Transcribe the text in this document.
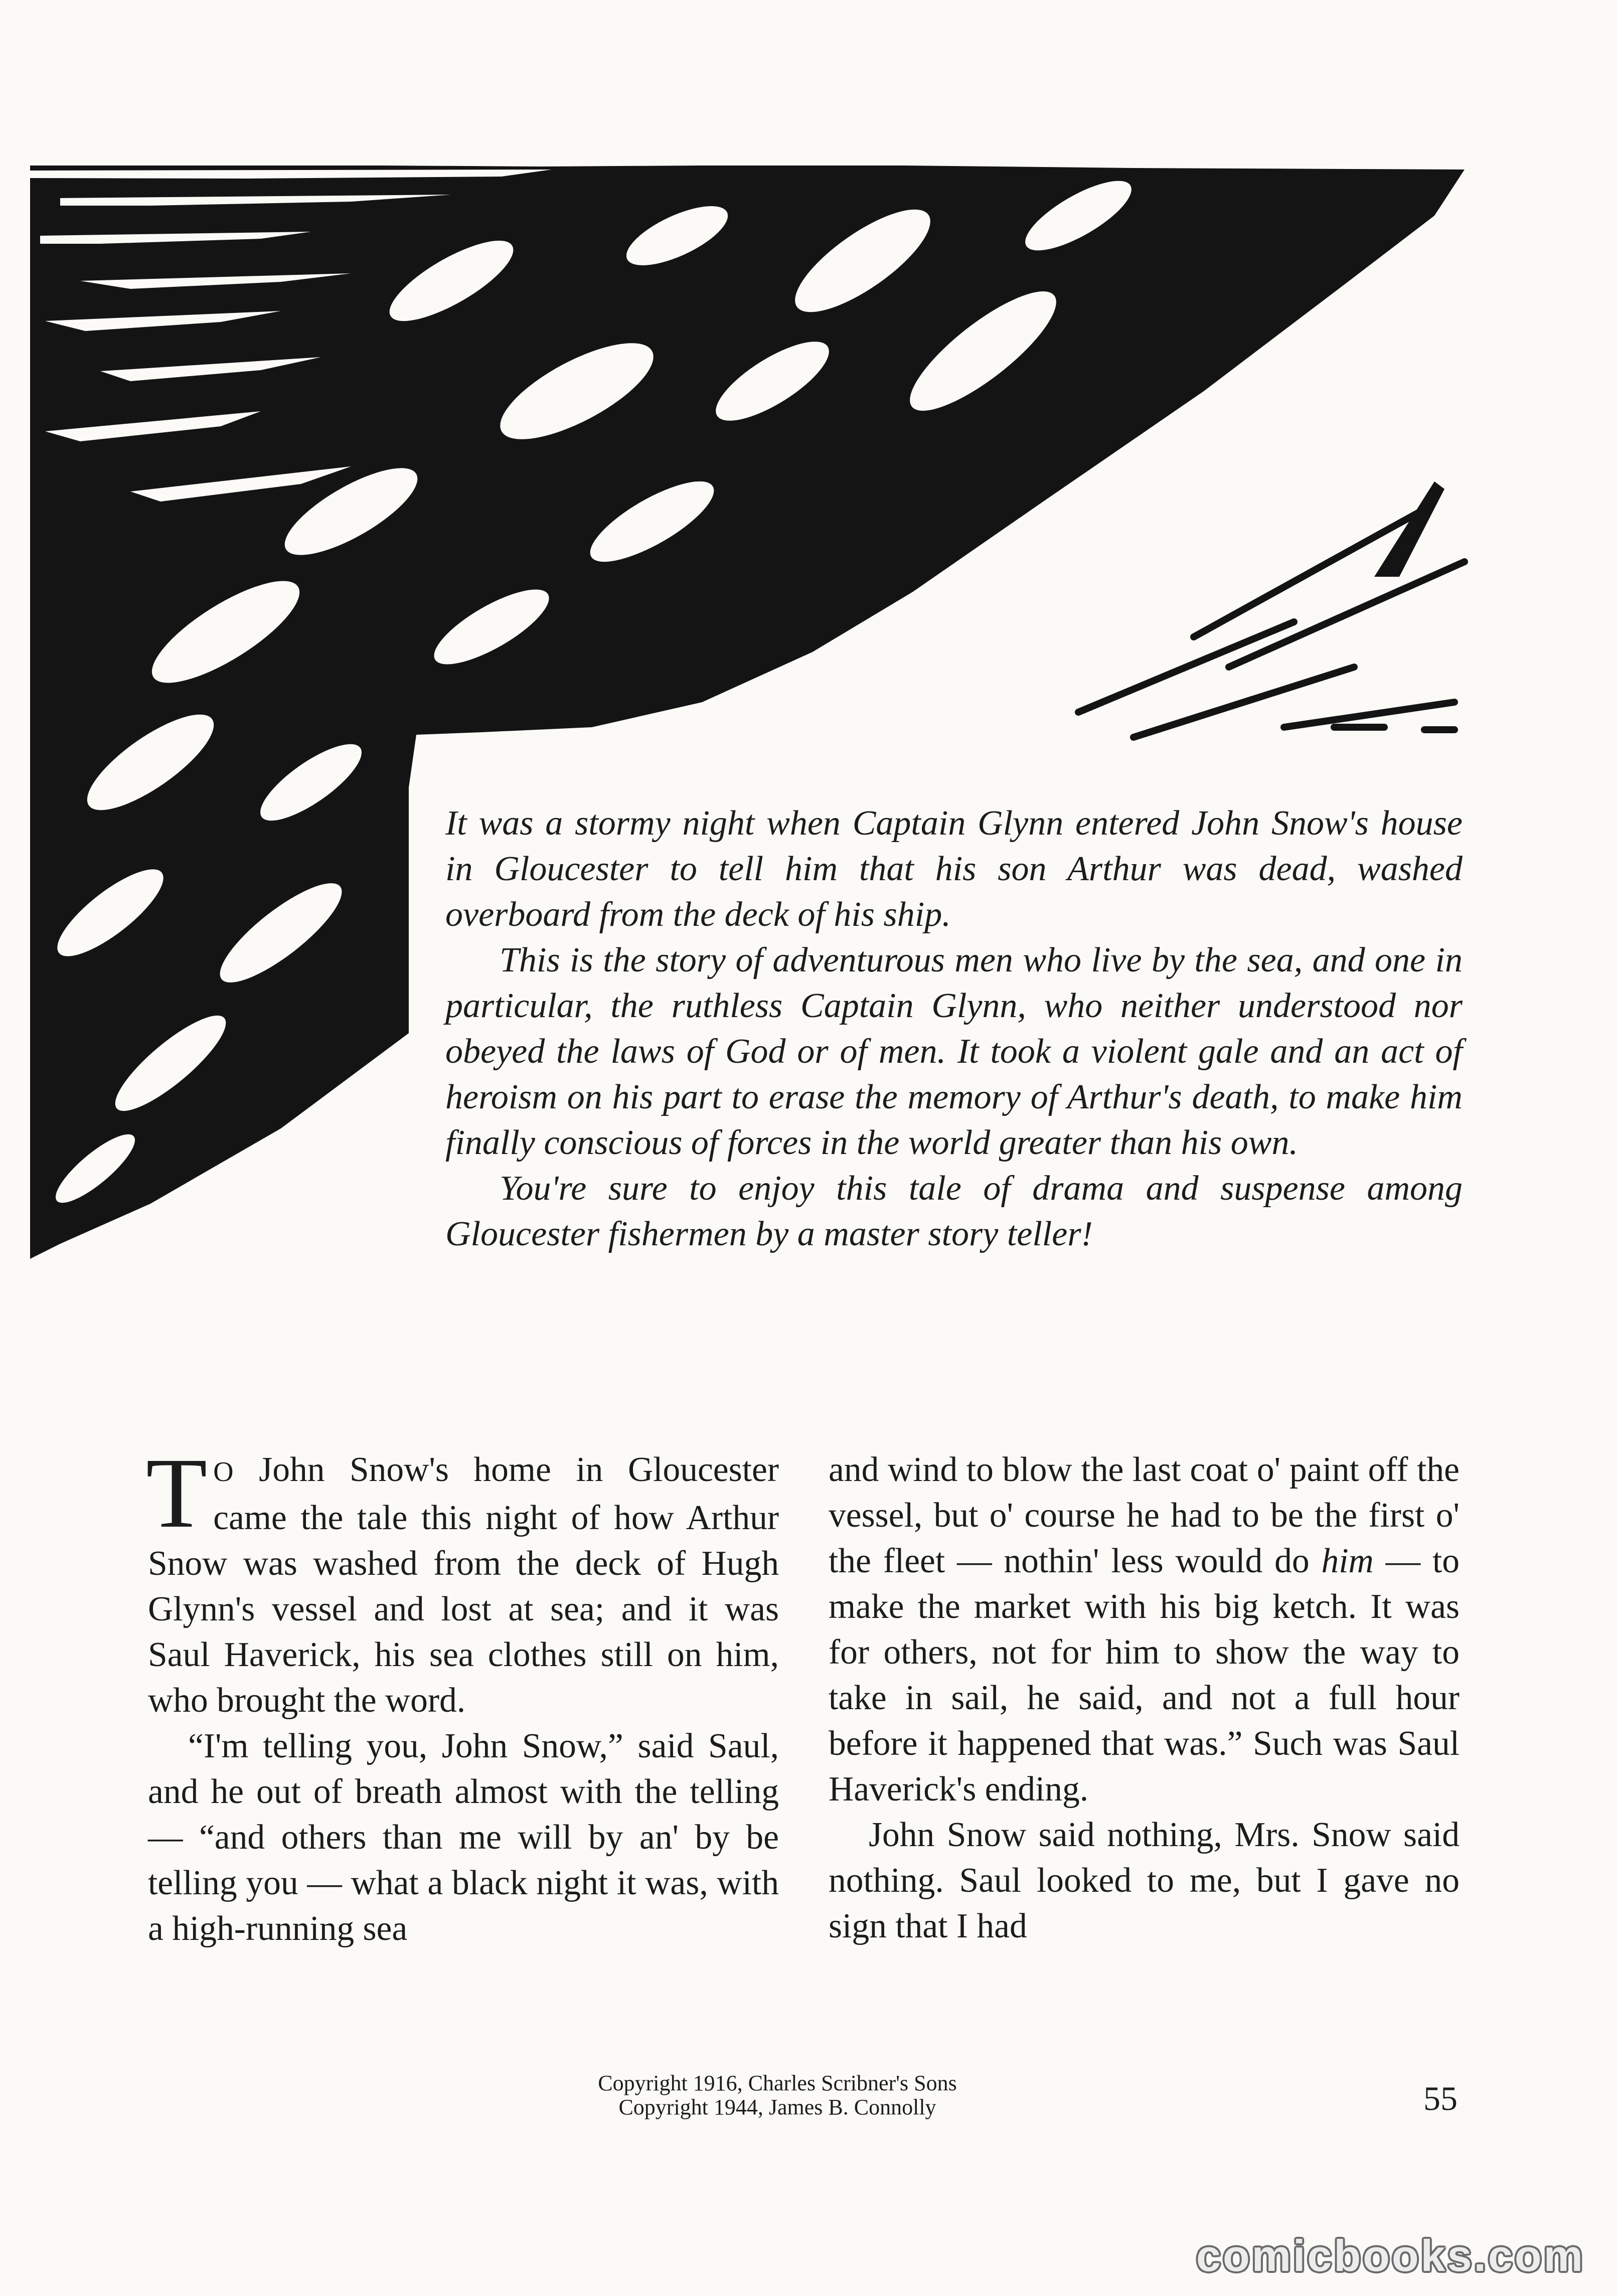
It was a stormy night when Captain Glynn entered John Snow's house in Gloucester to tell him that his son Arthur was dead, washed overboard from the deck of his ship.

This is the story of adventurous men who live by the sea, and one in particular, the ruthless Captain Glynn, who neither understood nor obeyed the laws of God or of men. It took a violent gale and an act of heroism on his part to erase the memory of Arthur's death, to make him finally conscious of forces in the world greater than his own.

You're sure to enjoy this tale of drama and suspense among Gloucester fishermen by a master story teller!

T O John Snow's home in Gloucester came the tale this night of how Arthur Snow was washed from the deck of Hugh Glynn's vessel and lost at sea; and it was Saul Haverick, his sea clothes still on him, who brought the word.

“I'm telling you, John Snow,” said Saul, and he out of breath almost with the telling — “and others than me will by an' by be telling you — what a black night it was, with a high-running sea

and wind to blow the last coat o' paint off the vessel, but o' course he had to be the first o' the fleet — nothin' less would do him — to make the market with his big ketch. It was for others, not for him to show the way to take in sail, he said, and not a full hour before it happened that was.” Such was Saul Haverick's ending.

John Snow said nothing, Mrs. Snow said nothing. Saul looked to me, but I gave no sign that I had

Copyright 1916, Charles Scribner's Sons
Copyright 1944, James B. Connolly	55
comicbooks.com
